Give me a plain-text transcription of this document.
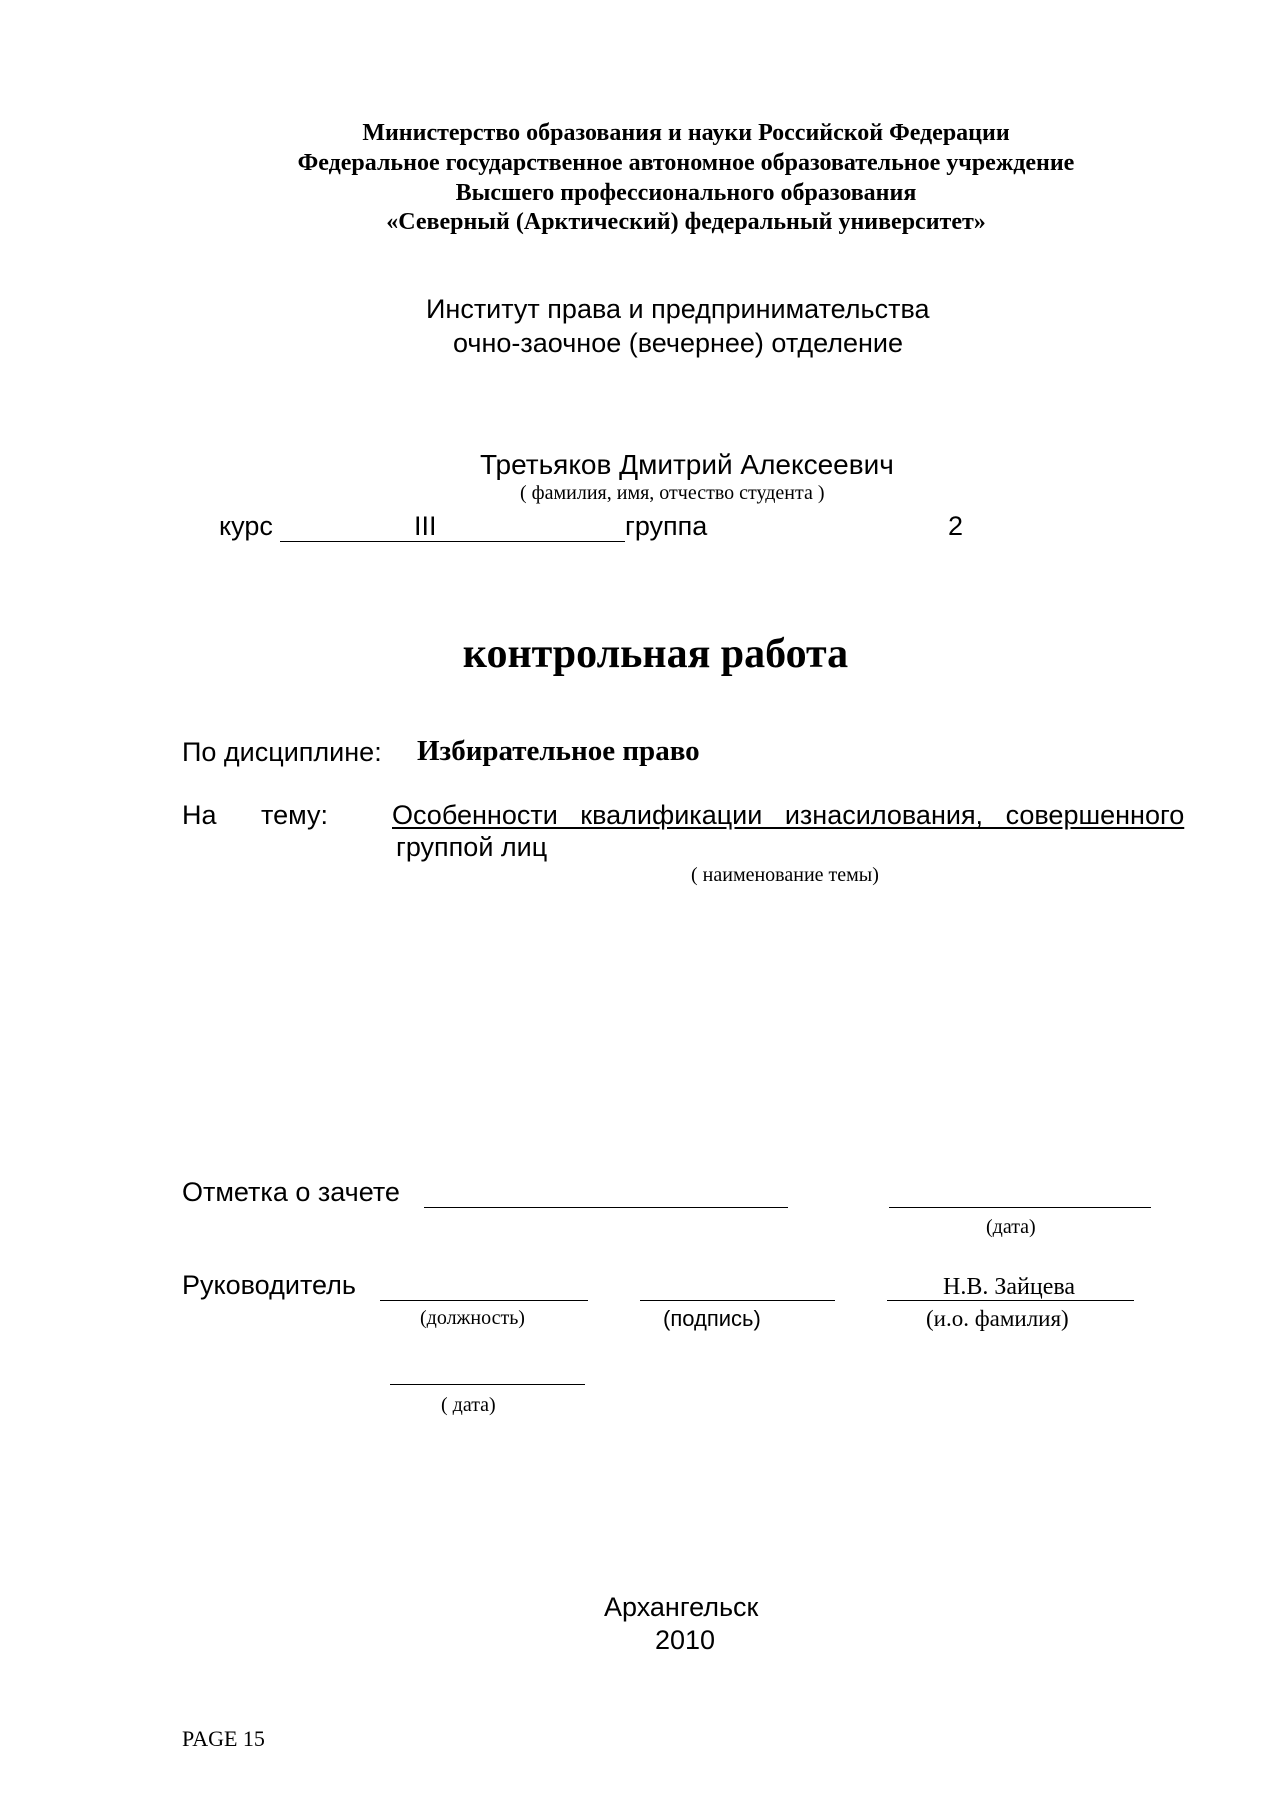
Министерство образования и науки Российской Федерации
Федеральное государственное автономное образовательное учреждение
Высшего профессионального образования
«Северный (Арктический) федеральный университет»
Институт права и предпринимательства
очно-заочное (вечернее) отделение
Третьяков Дмитрий Алексеевич
( фамилия, имя, отчество студента )
курс	III	группа	2
контрольная работа
По дисциплине: Избирательное право
На тему: Особенности   квалификации   изнасилования,   совершенного
группой лиц
( наименование темы)
Отметка о зачете
(дата)
Руководитель	Н.В. Зайцева
(должность)	(подпись)	(и.о. фамилия)
( дата)
Архангельск
2010
PAGE 15
